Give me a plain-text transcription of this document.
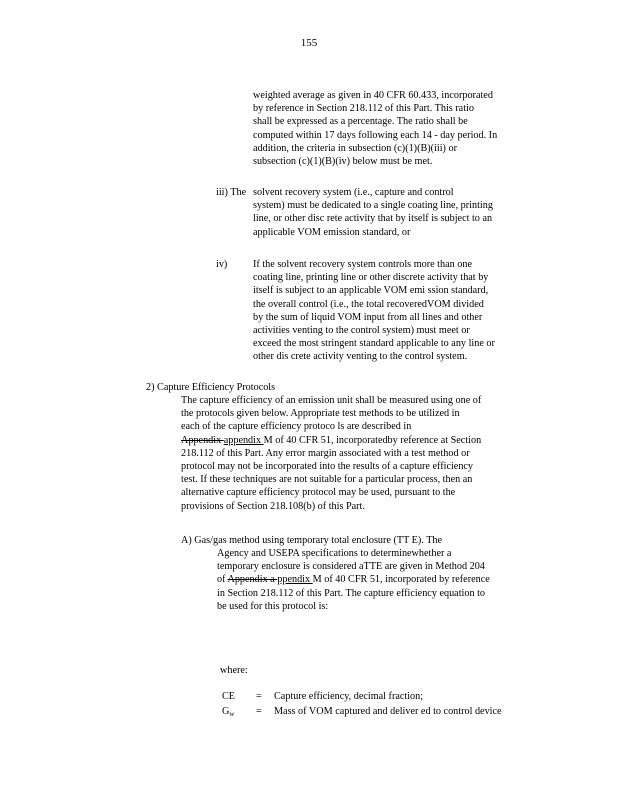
155
weighted average as given in 40 CFR 60.433, incorporated
by reference in Section 218.112 of this Part. This ratio
shall be expressed as a percentage. The ratio shall be
computed within 17 days following each 14 - day period. In
addition, the criteria in subsection (c)(1)(B)(iii) or
subsection (c)(1)(B)(iv) below must be met.
iii) The solvent recovery system (i.e., capture and control
system) must be dedicated to a single coating line, printing
line, or other disc rete activity that by itself is subject to an
applicable VOM emission standard, or
iv)	If the solvent recovery system controls more than one
coating line, printing line or other discrete activity that by
itself is subject to an applicable VOM emi ssion standard,
the overall control (i.e., the total recoveredVOM divided
by the sum of liquid VOM input from all lines and other
activities venting to the control system) must meet or
exceed the most stringent standard applicable to any line or
other dis crete activity venting to the control system.
2) Capture Efficiency Protocols
The capture efficiency of an emission unit shall be measured using one of
the protocols given below. Appropriate test methods to be utilized in
each of the capture efficiency protoco ls are described in
Appendix appendix M of 40 CFR 51, incorporatedby reference at Section
218.112 of this Part. Any error margin associated with a test method or
protocol may not be incorporated into the results of a capture efficiency
test. If these techniques are not suitable for a particular process, then an
alternative capture efficiency protocol may be used, pursuant to the
provisions of Section 218.108(b) of this Part.
A) Gas/gas method using temporary total enclosure (TT E). The
Agency and USEPA specifications to determinewhether a
temporary enclosure is considered aTTE are given in Method 204
of Appendix a ppendix M of 40 CFR 51, incorporated by reference
in Section 218.112 of this Part. The capture efficiency equation to
be used for this protocol is:
where:
CE = Capture efficiency, decimal fraction;
$G_w$ = Mass of VOM captured and deliver ed to control device
